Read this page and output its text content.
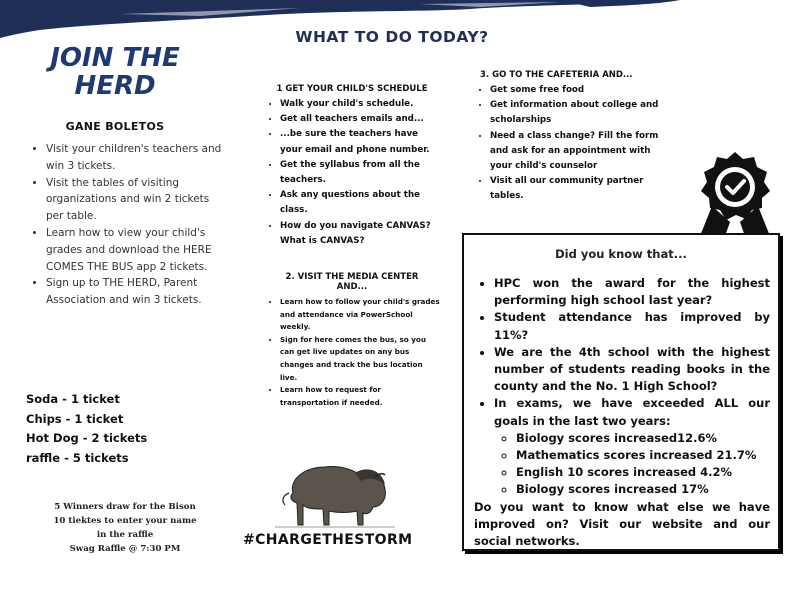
JOIN THE
HERD
GANE BOLETOS
• Visit your children's teachers and win 3 tickets.
• Visit the tables of visiting organizations and win 2 tickets per table.
• Learn how to view your child's grades and download the HERE COMES THE BUS app 2 tickets.
• Sign up to THE HERD, Parent Association and win 3 tickets.
Soda - 1 ticket
Chips - 1 ticket
Hot Dog - 2 tickets
raffle - 5 tickets
5 Winners draw for the Bison
10 tiektes to enter your name
in the raffle
Swag Raffle @ 7:30 PM
WHAT TO DO TODAY?
1 GET YOUR CHILD'S SCHEDULE
• Walk your child's schedule.
• Get all teachers emails and...
• ...be sure the teachers have your email and phone number.
• Get the syllabus from all the teachers.
• Ask any questions about the class.
• How do you navigate CANVAS? What is CANVAS?
2. VISIT THE MEDIA CENTER
AND...
• Learn how to follow your child's grades and attendance via PowerSchool weekly.
• Sign for here comes the bus, so you can get live updates on any bus changes and track the bus location live.
• Learn how to request for transportation if needed.
#CHARGETHESTORM
3. GO TO THE CAFETERIA AND...
• Get some free food
• Get information about college and scholarships
• Need a class change? Fill the form and ask for an appointment with your child's counselor
• Visit all our community partner tables.
Did you know that...
• HPC won the award for the highest performing high school last year?
• Student attendance has improved by 11%?
• We are the 4th school with the highest number of students reading books in the county and the No. 1 High School?
• In exams, we have exceeded ALL our goals in the last two years:
◦ Biology scores increased12.6%
◦ Mathematics scores increased 21.7%
◦ English 10 scores increased 4.2%
◦ Biology scores increased 17%
Do you want to know what else we have improved on? Visit our website and our social networks.
